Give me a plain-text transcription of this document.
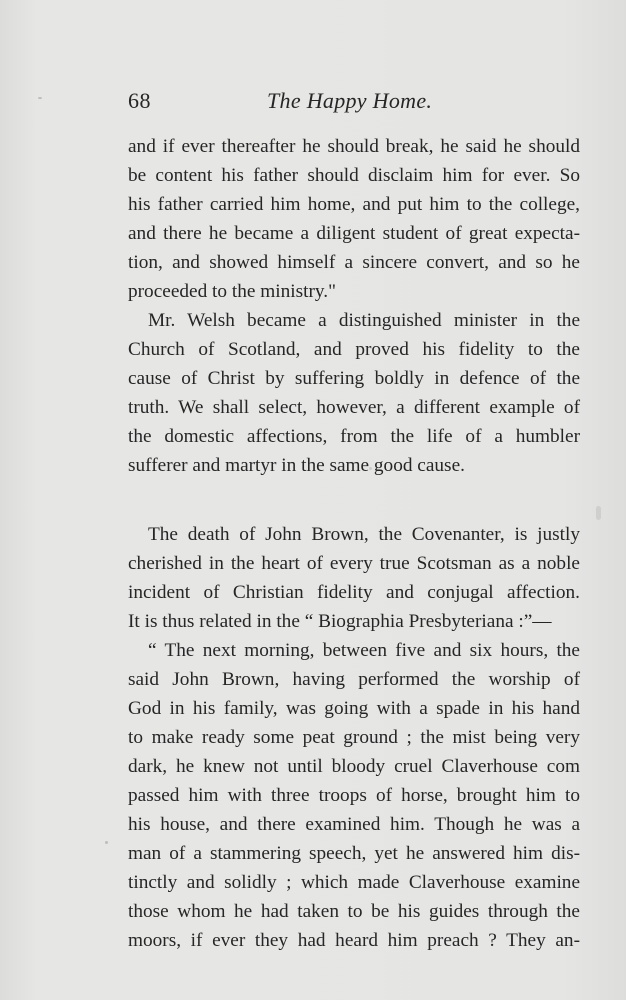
68	The Happy Home.
and if ever thereafter he should break, he said he should
be content his father should disclaim him for ever. So
his father carried him home, and put him to the college,
and there he became a diligent student of great expecta-
tion, and showed himself a sincere convert, and so he
proceeded to the ministry."
Mr. Welsh became a distinguished minister in the
Church of Scotland, and proved his fidelity to the
cause of Christ by suffering boldly in defence of the
truth. We shall select, however, a different example of
the domestic affections, from the life of a humbler
sufferer and martyr in the same good cause.
The death of John Brown, the Covenanter, is justly
cherished in the heart of every true Scotsman as a noble
incident of Christian fidelity and conjugal affection.
It is thus related in the “ Biographia Presbyteriana :”—
“ The next morning, between five and six hours, the
said John Brown, having performed the worship of
God in his family, was going with a spade in his hand
to make ready some peat ground ; the mist being very
dark, he knew not until bloody cruel Claverhouse com
passed him with three troops of horse, brought him to
his house, and there examined him. Though he was a
man of a stammering speech, yet he answered him dis-
tinctly and solidly ; which made Claverhouse examine
those whom he had taken to be his guides through the
moors, if ever they had heard him preach ? They an-
